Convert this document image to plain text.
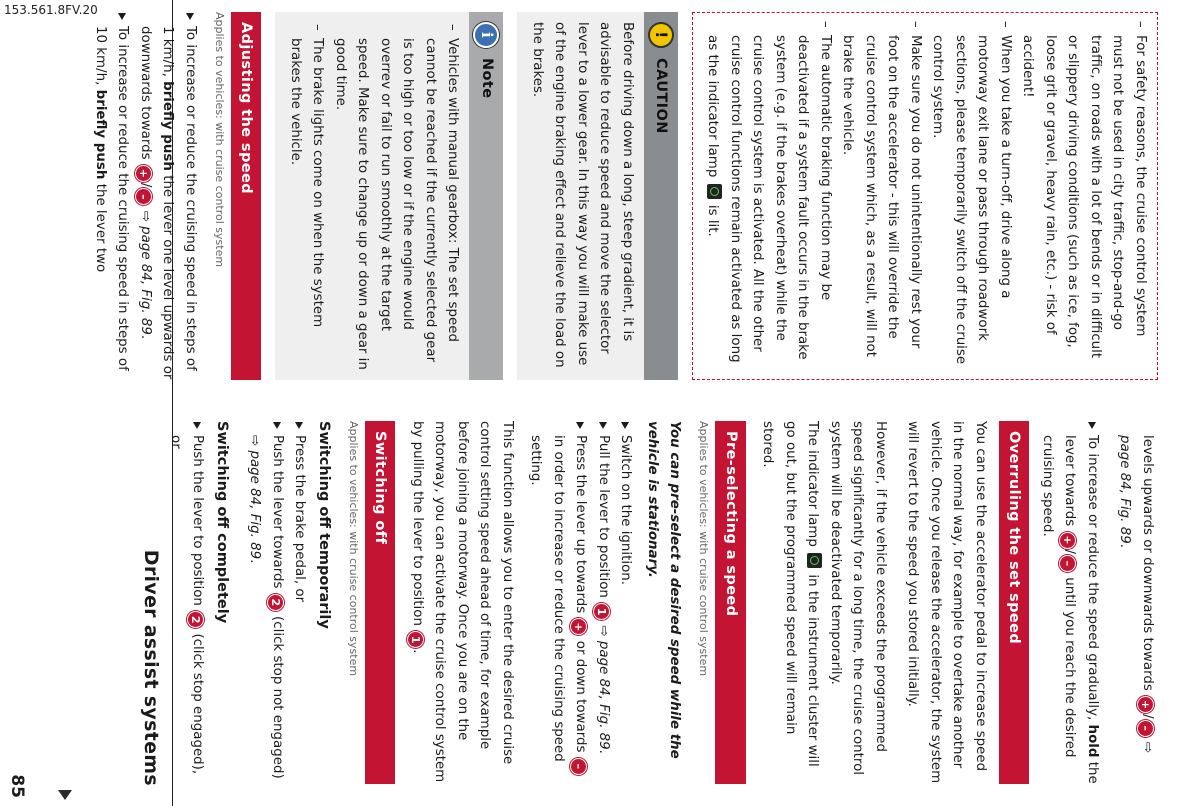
153.561.8FV.20
Driver assist systems
85
– For safety reasons, the cruise control system must not be used in city traffic, stop-and-go traffic, on roads with a lot of bends or in difficult or slippery driving conditions (such as ice, fog, loose grit or gravel, heavy rain, etc.) - risk of accident!
– When you take a turn-off, drive along a motorway exit lane or pass through roadwork sections, please temporarily switch off the cruise control system.
– Make sure you do not unintentionally rest your foot on the accelerator - this will override the cruise control system which, as a result, will not brake the vehicle.
– The automatic braking function may be deactivated if a system fault occurs in the brake system (e.g. if the brakes overheat) while the cruise control system is activated. All the other cruise control functions remain activated as long as the indicator lamp  is lit.
!
CAUTION
Before driving down a long, steep gradient, it is advisable to reduce speed and move the selector lever to a lower gear. In this way you will make use of the engine braking effect and relieve the load on the brakes.
i
Note
– Vehicles with manual gearbox: The set speed cannot be reached if the currently selected gear is too high or too low or if the engine would overrev or fail to run smoothly at the target speed. Make sure to change up or down a gear in good time.
– The brake lights come on when the system brakes the vehicle.
Adjusting the speed
Applies to vehicles: with cruise control system
To increase or reduce the cruising speed in steps of 1 km/h, briefly push the lever one level upwards or downwards towards +/– ⇨ page 84, Fig. 89.
To increase or reduce the cruising speed in steps of 10 km/h, briefly push the lever two

levels upwards or downwards towards +/– ⇨ page 84, Fig. 89.

To increase or reduce the speed gradually, hold the lever towards +/– until you reach the desired cruising speed.
Overruling the set speed

You can use the accelerator pedal to increase speed in the normal way, for example to overtake another vehicle. Once you release the accelerator, the system will revert to the speed you stored initially.

However, if the vehicle exceeds the programmed speed significantly for a long time, the cruise control system will be deactivated temporarily.

The indicator lamp  in the instrument cluster will go out, but the programmed speed will remain stored.

Pre-selecting a speed
Applies to vehicles: with cruise control system

You can pre-select a desired speed while the vehicle is stationary.

Switch on the ignition.
Pull the lever to position 1 ⇨ page 84, Fig. 89.
Press the lever up towards + or down towards – in order to increase or reduce the cruising speed setting.

This function allows you to enter the desired cruise control setting speed ahead of time, for example before joining a motorway. Once you are on the motorway, you can activate the cruise control system by pulling the lever to position 1.

Switching off
Applies to vehicles: with cruise control system
Switching off temporarily
Press the brake pedal, or
Push the lever towards 2 (click stop not engaged) ⇨ page 84, Fig. 89.
Switching off completely
Push the lever to position 2 (click stop engaged), or
